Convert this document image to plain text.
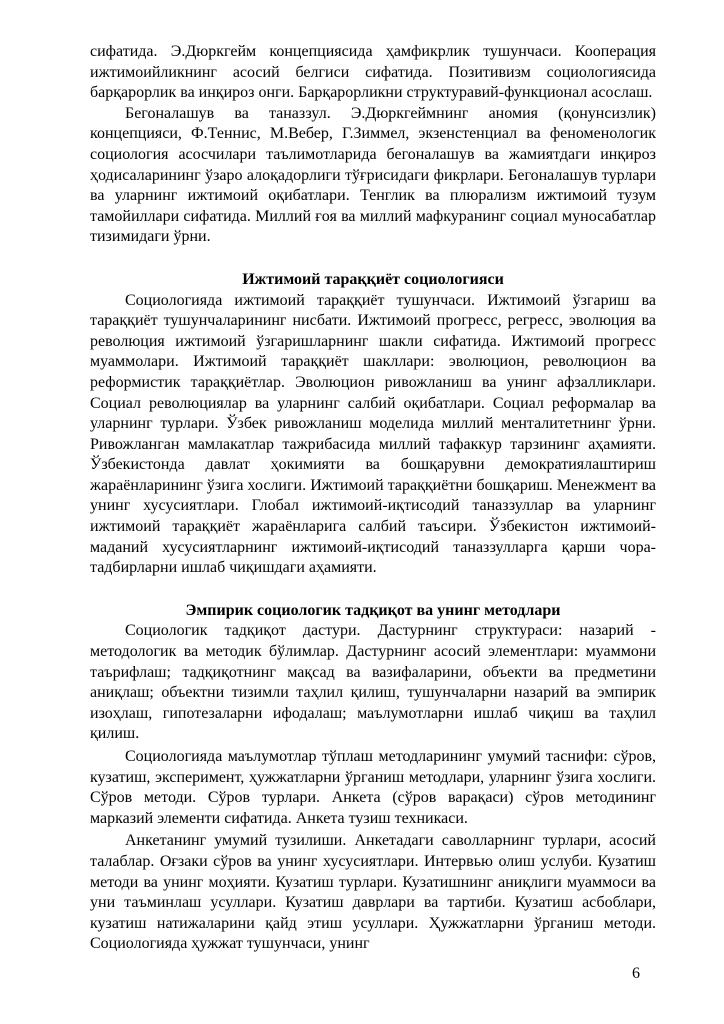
сифатида. Э.Дюркгейм концепциясида ҳамфикрлик тушунчаси. Кооперация ижтимоийликнинг асосий белгиси сифатида. Позитивизм социологиясида барқарорлик ва инқироз онги. Барқарорликни структуравий-функционал асослаш.

Бегоналашув ва таназзул. Э.Дюркгеймнинг аномия (қонунсизлик) концепцияси, Ф.Теннис, М.Вебер, Г.Зиммел, экзенстенциал ва феноменологик социология асосчилари таълимотларида бегоналашув ва жамиятдаги инқироз ҳодисаларининг ўзаро алоқадорлиги тўғрисидаги фикрлари. Бегоналашув турлари ва уларнинг ижтимоий оқибатлари. Тенглик ва плюрализм ижтимоий тузум тамойиллари сифатида. Миллий ғоя ва миллий мафкуранинг социал муносабатлар тизимидаги ўрни.

Ижтимоий тараққиёт социологияси

Социологияда ижтимоий тараққиёт тушунчаси. Ижтимоий ўзгариш ва тараққиёт тушунчаларининг нисбати. Ижтимоий прогресс, регресс, эволюция ва революция ижтимоий ўзгаришларнинг шакли сифатида. Ижтимоий прогресс муаммолари. Ижтимоий тараққиёт шакллари: эволюцион, революцион ва реформистик тараққиётлар. Эволюцион ривожланиш ва унинг афзалликлари. Социал революциялар ва уларнинг салбий оқибатлари. Социал реформалар ва уларнинг турлари. Ўзбек ривожланиш моделида миллий менталитетнинг ўрни. Ривожланган мамлакатлар тажрибасида миллий тафаккур тарзининг аҳамияти. Ўзбекистонда давлат ҳокимияти ва бошқарувни демократиялаштириш жараёнларининг ўзига хослиги. Ижтимоий тараққиётни бошқариш. Менежмент ва унинг хусусиятлари. Глобал ижтимоий-иқтисодий таназзуллар ва уларнинг ижтимоий тараққиёт жараёнларига салбий таъсири. Ўзбекистон ижтимоий-маданий хусусиятларнинг ижтимоий-иқтисодий таназзулларга қарши чора-тадбирларни ишлаб чиқишдаги аҳамияти.

Эмпирик социологик тадқиқот ва унинг методлари

Социологик тадқиқот дастури. Дастурнинг структураси: назарий - методологик ва методик бўлимлар. Дастурнинг асосий элементлари: муаммони таърифлаш; тадқиқотнинг мақсад ва вазифаларини, объекти ва предметини аниқлаш; объектни тизимли таҳлил қилиш, тушунчаларни назарий ва эмпирик изоҳлаш, гипотезаларни ифодалаш; маълумотларни ишлаб чиқиш ва таҳлил қилиш.

Социологияда маълумотлар тўплаш методларининг умумий таснифи: сўров, кузатиш, эксперимент, ҳужжатларни ўрганиш методлари, уларнинг ўзига хослиги. Сўров методи. Сўров турлари. Анкета (сўров варақаси) сўров методининг марказий элементи сифатида. Анкета тузиш техникаси.

Анкетанинг умумий тузилиши. Анкетадаги саволларнинг турлари, асосий талаблар. Оғзаки сўров ва унинг хусусиятлари. Интервью олиш услуби. Кузатиш методи ва унинг моҳияти. Кузатиш турлари. Кузатишнинг аниқлиги муаммоси ва уни таъминлаш усуллари. Кузатиш даврлари ва тартиби. Кузатиш асбоблари, кузатиш натижаларини қайд этиш усуллари. Ҳужжатларни ўрганиш методи. Социологияда ҳужжат тушунчаси, унинг

6
